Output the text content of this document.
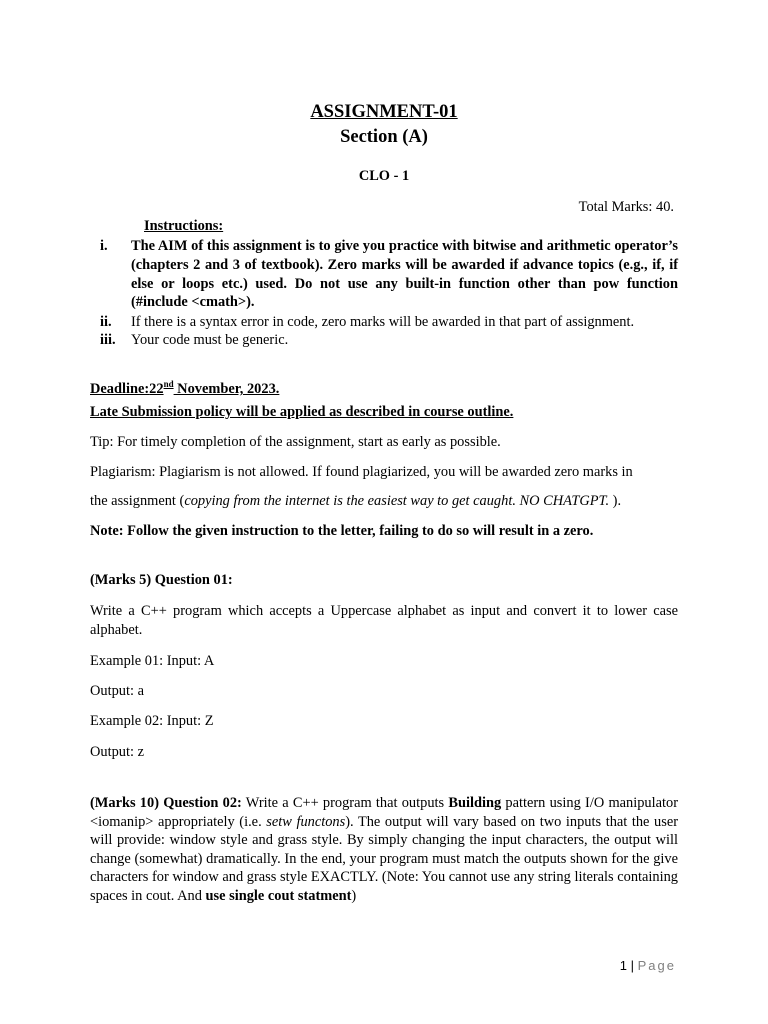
ASSIGNMENT-01
Section (A)
CLO - 1
Total Marks: 40.
Instructions:
i. The AIM of this assignment is to give you practice with bitwise and arithmetic operator’s (chapters 2 and 3 of textbook). Zero marks will be awarded if advance topics (e.g., if, if else or loops etc.) used. Do not use any built-in function other than pow function (#include <cmath>).
ii. If there is a syntax error in code, zero marks will be awarded in that part of assignment.
iii. Your code must be generic.
Deadline:22nd November, 2023.
Late Submission policy will be applied as described in course outline.
Tip: For timely completion of the assignment, start as early as possible.
Plagiarism: Plagiarism is not allowed. If found plagiarized, you will be awarded zero marks in
the assignment (copying from the internet is the easiest way to get caught. NO CHATGPT. ).
Note: Follow the given instruction to the letter, failing to do so will result in a zero.
(Marks 5) Question 01:
Write a C++ program which accepts a Uppercase alphabet as input and convert it to lower case alphabet.
Example 01: Input: A
Output: a
Example 02: Input: Z
Output: z
(Marks 10) Question 02: Write a C++ program that outputs Building pattern using I/O manipulator <iomanip> appropriately (i.e. setw functons). The output will vary based on two inputs that the user will provide: window style and grass style. By simply changing the input characters, the output will change (somewhat) dramatically. In the end, your program must match the outputs shown for the give characters for window and grass style EXACTLY. (Note: You cannot use any string literals containing spaces in cout. And use single cout statment)
1 | Page
